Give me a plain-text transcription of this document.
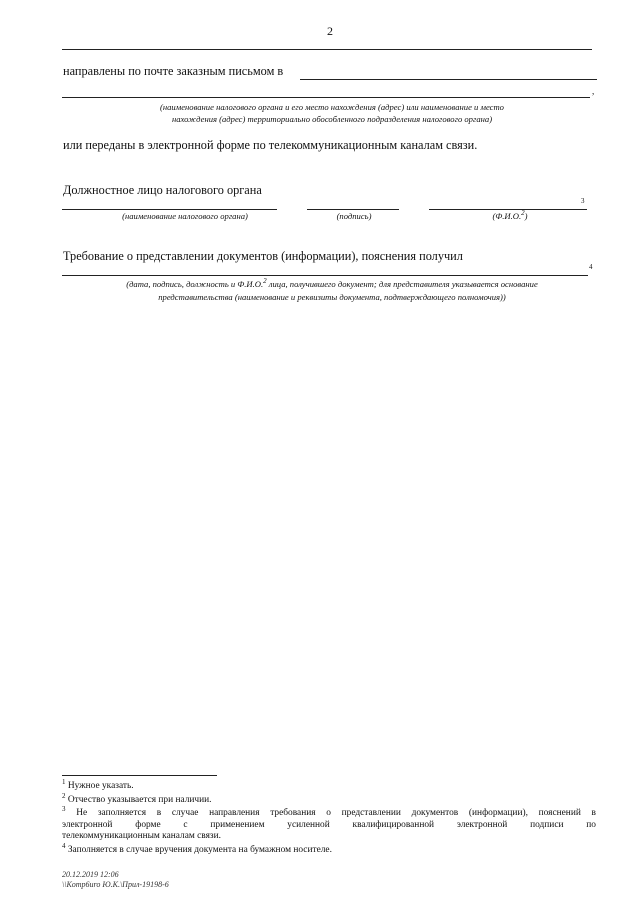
2
направлены по почте заказным письмом в
,
(наименование налогового органа и его место нахождения (адрес) или наименование и место
нахождения (адрес) территориально обособленного подразделения налогового органа)
или переданы в электронной форме по телекоммуникационным каналам связи.
Должностное лицо налогового органа
3
(наименование налогового органа)	(подпись)	(Ф.И.О.$^2$)
Требование о представлении документов (информации), пояснения получил
4
(дата, подпись, должность и Ф.И.О.$^2$ лица, получившего документ; для представителя указывается основание
представительства (наименование и реквизиты документа, подтверждающего полномочия))
$^1$ Нужное указать.
$^2$ Отчество указывается при наличии.
$^3$ Не заполняется в случае направления требования о представлении документов (информации), пояснений в
электронной форме с применением усиленной квалифицированной электронной подписи по
телекоммуникационным каналам связи.
$^4$ Заполняется в случае вручения документа на бумажном носителе.
20.12.2019 12:06
\\Komp6uro Ю.К.\Прил-19198-6
